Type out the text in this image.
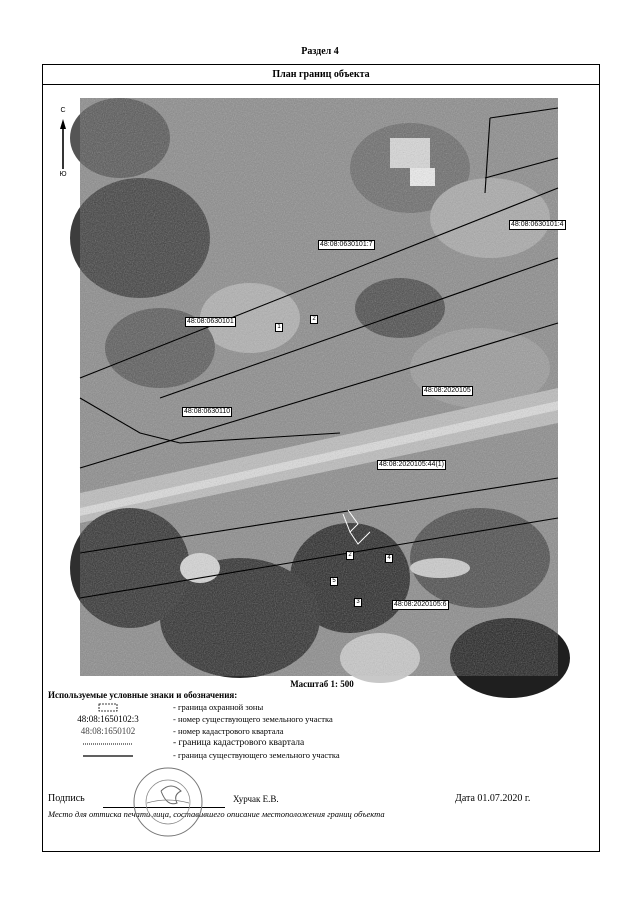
Раздел 4
План границ объекта
С
Ю
48:08:0630101:4
48:08:0630101:7
48:08:0630101
48:08:2020105
48:08:0630110
48:08:2020105:44(1)
48:08:2020105:6
1
2
2	4
5
3
Масштаб 1: 500
Используемые условные знаки и обозначения:
- граница охранной зоны
48:08:1650102:3	- номер существующего земельного участка
48:08:1650102	- номер кадастрового квартала
- граница кадастрового квартала
- граница существующего земельного участка
Подпись	Хурчак Е.В.	Дата 01.07.2020 г.
Место для оттиска печати лица, составившего описание местоположения границ объекта
